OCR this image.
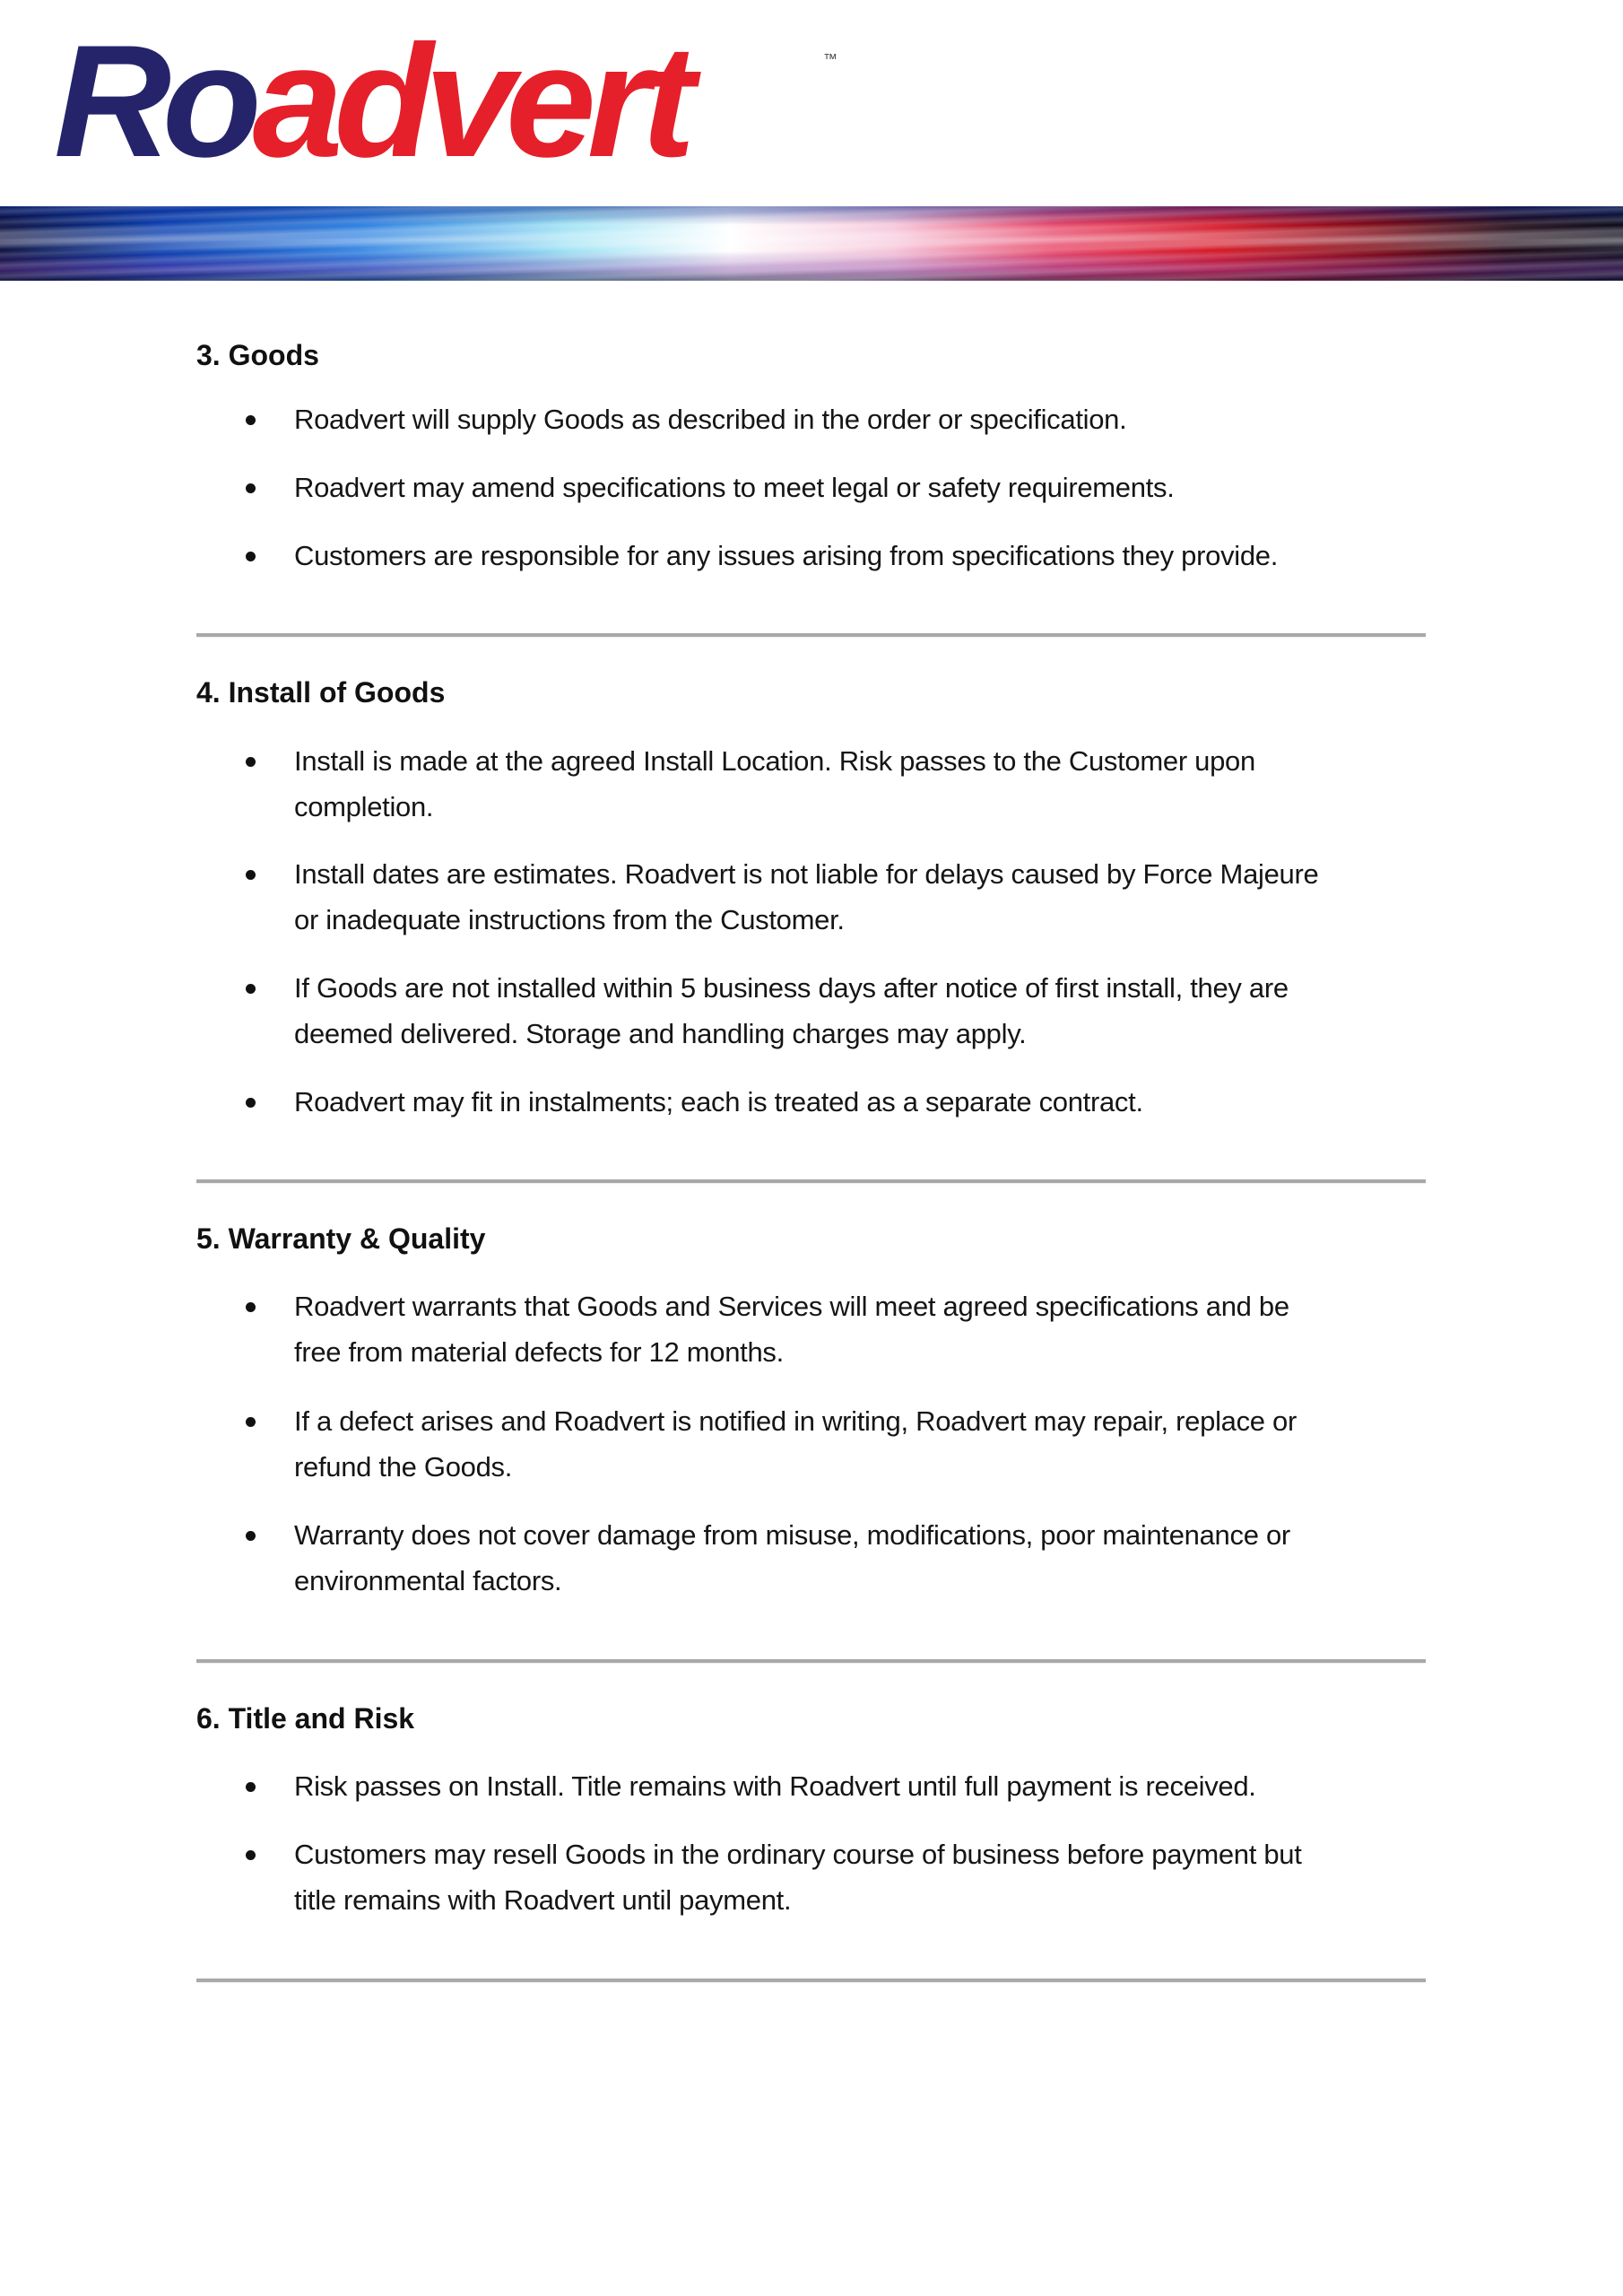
Roadvert	™
3. Goods
Roadvert will supply Goods as described in the order or specification.
Roadvert may amend specifications to meet legal or safety requirements.
Customers are responsible for any issues arising from specifications they provide.
4. Install of Goods
Install is made at the agreed Install Location. Risk passes to the Customer upon
completion.
Install dates are estimates. Roadvert is not liable for delays caused by Force Majeure
or inadequate instructions from the Customer.
If Goods are not installed within 5 business days after notice of first install, they are
deemed delivered. Storage and handling charges may apply.
Roadvert may fit in instalments; each is treated as a separate contract.
5. Warranty & Quality
Roadvert warrants that Goods and Services will meet agreed specifications and be
free from material defects for 12 months.
If a defect arises and Roadvert is notified in writing, Roadvert may repair, replace or
refund the Goods.
Warranty does not cover damage from misuse, modifications, poor maintenance or
environmental factors.
6. Title and Risk
Risk passes on Install. Title remains with Roadvert until full payment is received.
Customers may resell Goods in the ordinary course of business before payment but
title remains with Roadvert until payment.
